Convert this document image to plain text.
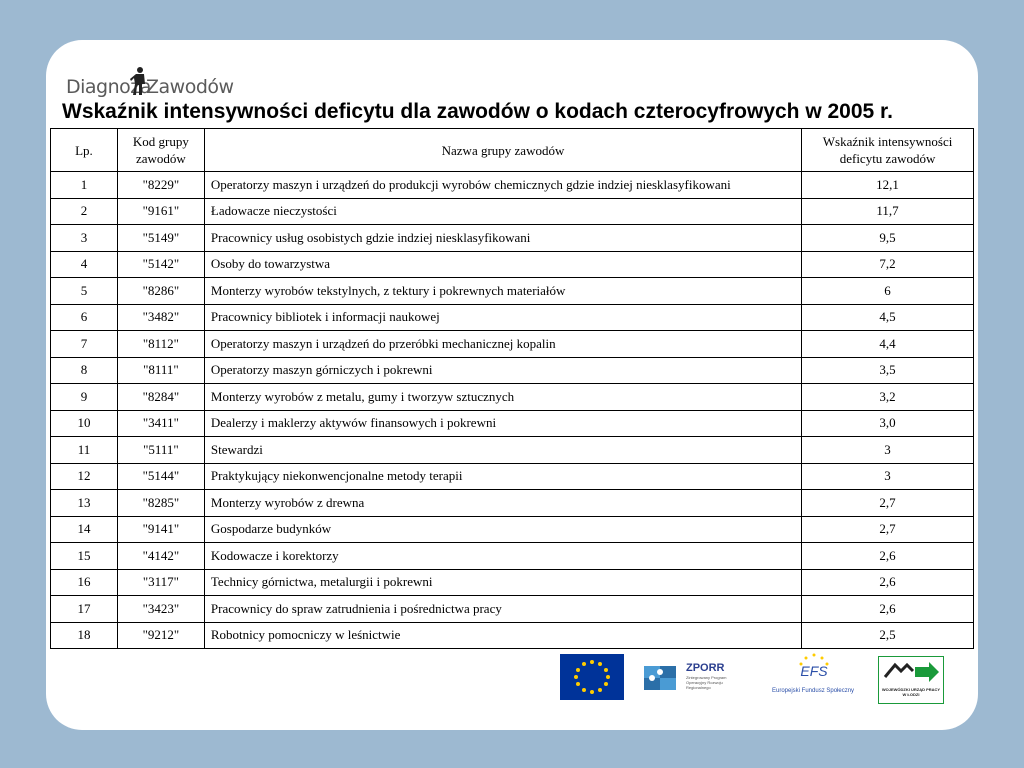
Diagnoza
Zawodów
Wskaźnik intensywności deficytu dla zawodów o kodach czterocyfrowych w 2005 r.
Lp.	Kod grupy zawodów	Nazwa grupy zawodów	Wskaźnik intensywności deficytu zawodów
1	"8229"	Operatorzy maszyn i urządzeń do produkcji wyrobów chemicznych gdzie indziej niesklasyfikowani	12,1
2	"9161"	Ładowacze nieczystości	11,7
3	"5149"	Pracownicy usług osobistych gdzie indziej niesklasyfikowani	9,5
4	"5142"	Osoby do towarzystwa	7,2
5	"8286"	Monterzy wyrobów tekstylnych, z tektury i pokrewnych materiałów	6
6	"3482"	Pracownicy bibliotek i informacji naukowej	4,5
7	"8112"	Operatorzy maszyn i urządzeń do przeróbki mechanicznej kopalin	4,4
8	"8111"	Operatorzy maszyn górniczych i pokrewni	3,5
9	"8284"	Monterzy wyrobów z metalu, gumy i tworzyw sztucznych	3,2
10	"3411"	Dealerzy i maklerzy aktywów finansowych i pokrewni	3,0
11	"5111"	Stewardzi	3
12	"5144"	Praktykujący niekonwencjonalne metody terapii	3
13	"8285"	Monterzy wyrobów z drewna	2,7
14	"9141"	Gospodarze budynków	2,7
15	"4142"	Kodowacze i korektorzy	2,6
16	"3117"	Technicy górnictwa, metalurgii i pokrewni	2,6
17	"3423"	Pracownicy do spraw zatrudnienia i pośrednictwa pracy	2,6
18	"9212"	Robotnicy pomocniczy w leśnictwie	2,5
ZPORR
Zintegrowany Program Operacyjny Rozwoju Regionalnego
EFS
Europejski Fundusz Społeczny	WOJEWÓDZKI URZĄD PRACY W ŁODZI
